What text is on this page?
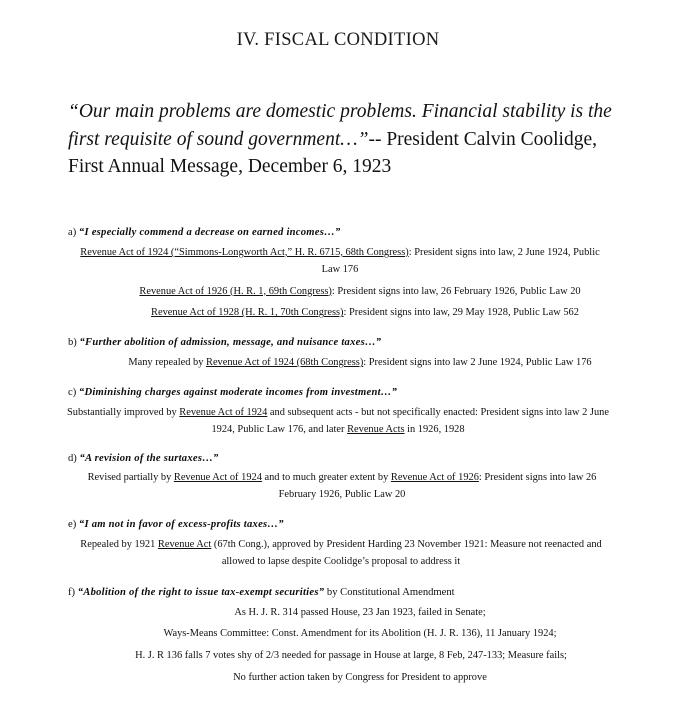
IV. FISCAL CONDITION
“Our main problems are domestic problems. Financial stability is the first requisite of sound government…”-- President Calvin Coolidge, First Annual Message, December 6, 1923
a) “I especially commend a decrease on earned incomes…”
Revenue Act of 1924 (“Simmons-Longworth Act,” H. R. 6715, 68th Congress): President signs into law, 2 June 1924, Public Law 176
Revenue Act of 1926 (H. R. 1, 69th Congress): President signs into law, 26 February 1926, Public Law 20
Revenue Act of 1928 (H. R. 1, 70th Congress): President signs into law, 29 May 1928, Public Law 562
b) “Further abolition of admission, message, and nuisance taxes…”
Many repealed by Revenue Act of 1924 (68th Congress): President signs into law 2 June 1924, Public Law 176
c) “Diminishing charges against moderate incomes from investment…”
Substantially improved by Revenue Act of 1924 and subsequent acts - but not specifically enacted: President signs into law 2 June 1924, Public Law 176, and later Revenue Acts in 1926, 1928
d) “A revision of the surtaxes…”
Revised partially by Revenue Act of 1924 and to much greater extent by Revenue Act of 1926: President signs into law 26 February 1926, Public Law 20
e) “I am not in favor of excess-profits taxes…”
Repealed by 1921 Revenue Act (67th Cong.), approved by President Harding 23 November 1921: Measure not reenacted and allowed to lapse despite Coolidge’s proposal to address it
f) “Abolition of the right to issue tax-exempt securities” by Constitutional Amendment
As H. J. R. 314 passed House, 23 Jan 1923, failed in Senate;
Ways-Means Committee: Const. Amendment for its Abolition (H. J. R. 136), 11 January 1924;
H. J. R 136 falls 7 votes shy of 2/3 needed for passage in House at large, 8 Feb, 247-133; Measure fails;
No further action taken by Congress for President to approve
